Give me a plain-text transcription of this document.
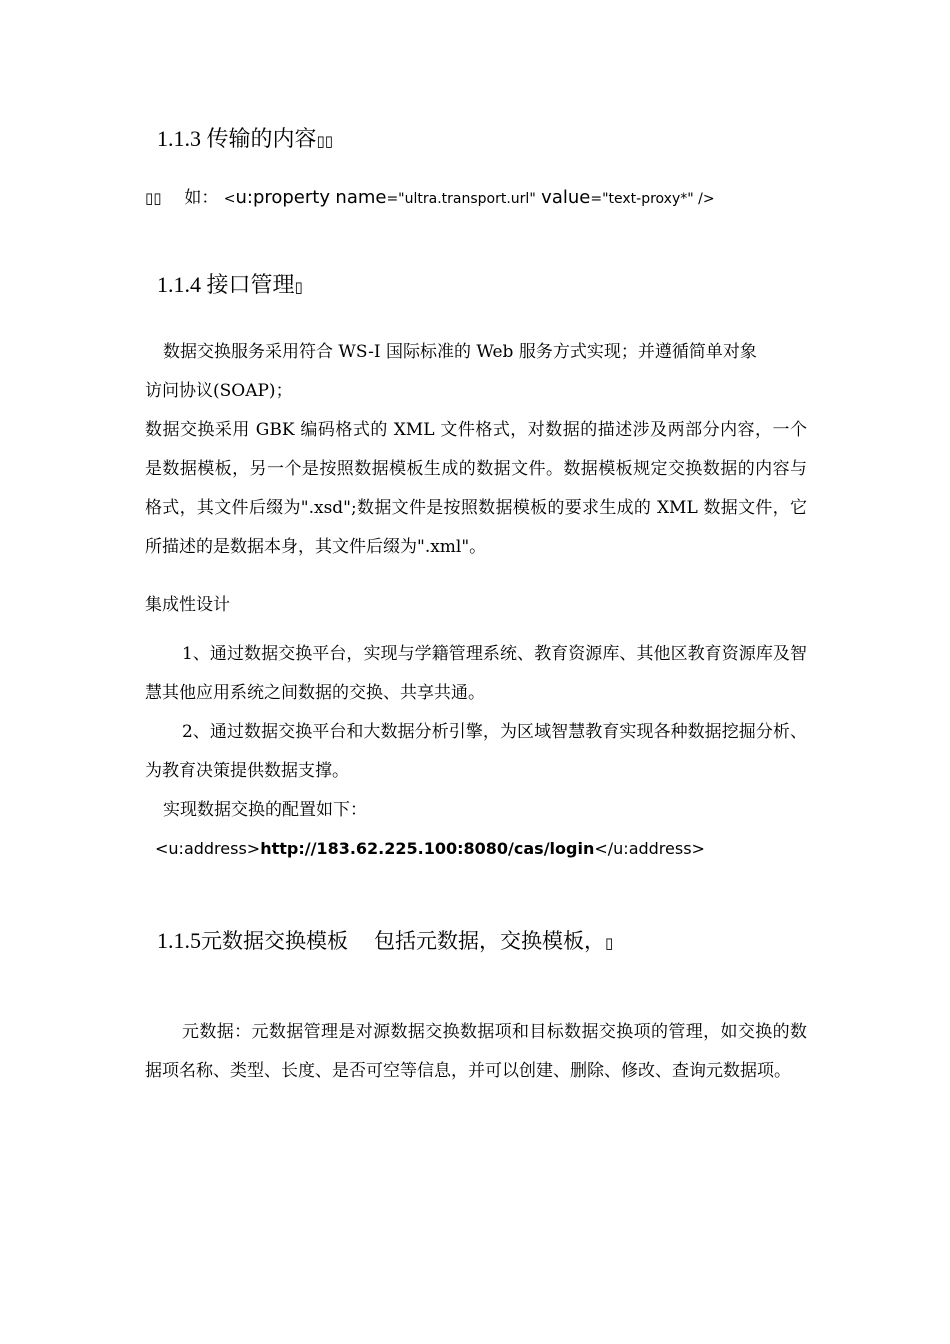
1.1.3 传输的内容▯▯
▯▯ 如： <u:property name="ultra.transport.url" value="text-proxy*" />
1.1.4 接口管理▯
数据交换服务采用符合 WS-I 国际标准的 Web 服务方式实现；并遵循简单对象
访问协议(SOAP)；
数据交换采用 GBK 编码格式的 XML 文件格式，对数据的描述涉及两部分内容，一个是数据模板，另一个是按照数据模板生成的数据文件。数据模板规定交换数据的内容与格式，其文件后缀为".xsd";数据文件是按照数据模板的要求生成的 XML 数据文件，它所描述的是数据本身，其文件后缀为".xml"。
集成性设计
1、通过数据交换平台，实现与学籍管理系统、教育资源库、其他区教育资源库及智慧其他应用系统之间数据的交换、共享共通。
2、通过数据交换平台和大数据分析引擎，为区域智慧教育实现各种数据挖掘分析、为教育决策提供数据支撑。
实现数据交换的配置如下：
<u:address>http://183.62.225.100:8080/cas/login</u:address>
1.1.5元数据交换模板 包括元数据，交换模板，▯
元数据：元数据管理是对源数据交换数据项和目标数据交换项的管理，如交换的数据项名称、类型、长度、是否可空等信息，并可以创建、删除、修改、查询元数据项。
